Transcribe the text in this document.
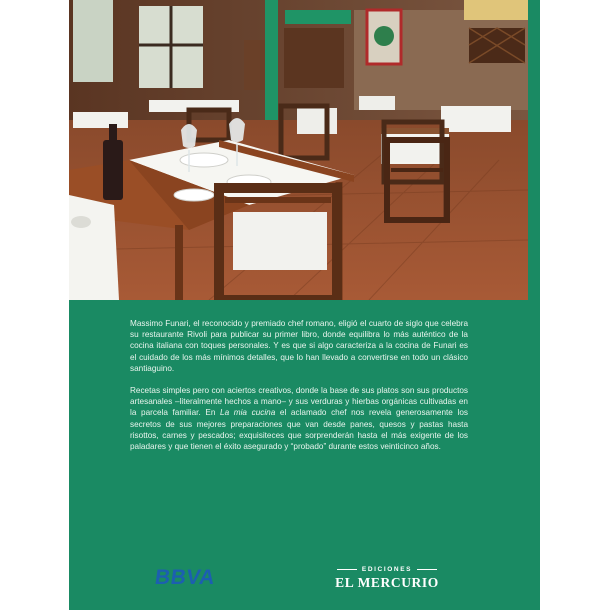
Massimo Funari, el reconocido y premiado chef romano, eligió el cuarto de siglo que celebra su restaurante Rivoli para publicar su primer libro, donde equilibra lo más auténtico de la cocina italiana con toques personales. Y es que si algo caracteriza a la cocina de Funari es el cuidado de los más mínimos detalles, que lo han llevado a convertirse en todo un clásico santiaguino.

Recetas simples pero con aciertos creativos, donde la base de sus platos son sus productos artesanales –literalmente hechos a mano– y sus verduras y hierbas orgánicas cultivadas en la parcela familiar. En La mia cucina el aclamado chef nos revela generosamente los secretos de sus mejores preparaciones que van desde panes, quesos y pastas hasta risottos, carnes y pescados; exquisiteces que sorprenderán hasta el más exigente de los paladares y que tienen el éxito asegurado y “probado” durante estos veinticinco años.

BBVA	EDICIONES
EL MERCURIO
